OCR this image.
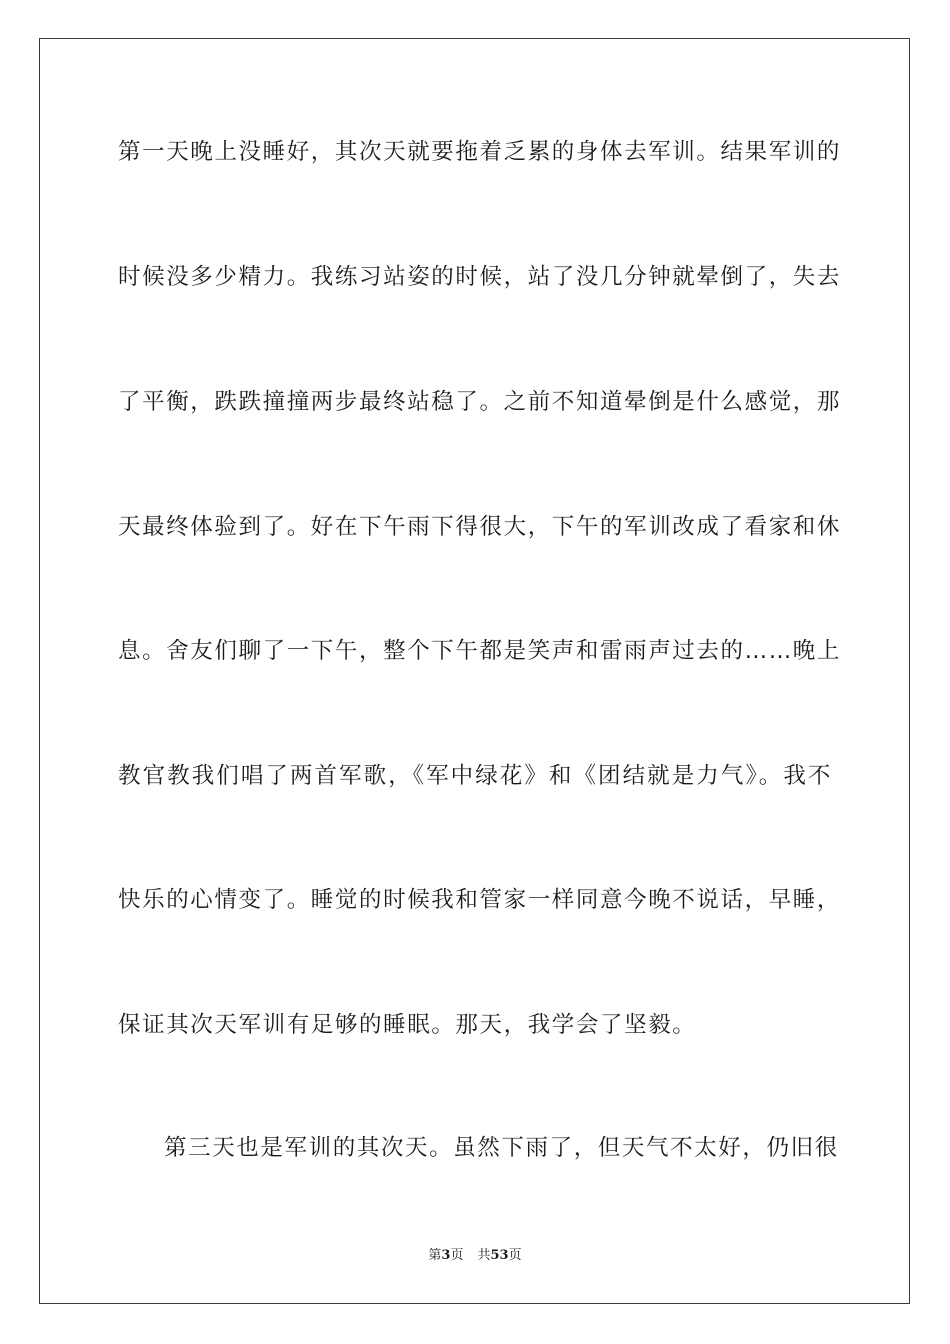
第一天晚上没睡好，其次天就要拖着乏累的身体去军训。结果军训的
时候没多少精力。我练习站姿的时候，站了没几分钟就晕倒了，失去
了平衡，跌跌撞撞两步最终站稳了。之前不知道晕倒是什么感觉，那
天最终体验到了。好在下午雨下得很大，下午的军训改成了看家和休
息。舍友们聊了一下午，整个下午都是笑声和雷雨声过去的……晚上
教官教我们唱了两首军歌，《军中绿花》和《团结就是力气》。我不
快乐的心情变了。睡觉的时候我和管家一样同意今晚不说话，早睡，
保证其次天军训有足够的睡眠。那天，我学会了坚毅。
第三天也是军训的其次天。虽然下雨了，但天气不太好，仍旧很
第3页 共53页
